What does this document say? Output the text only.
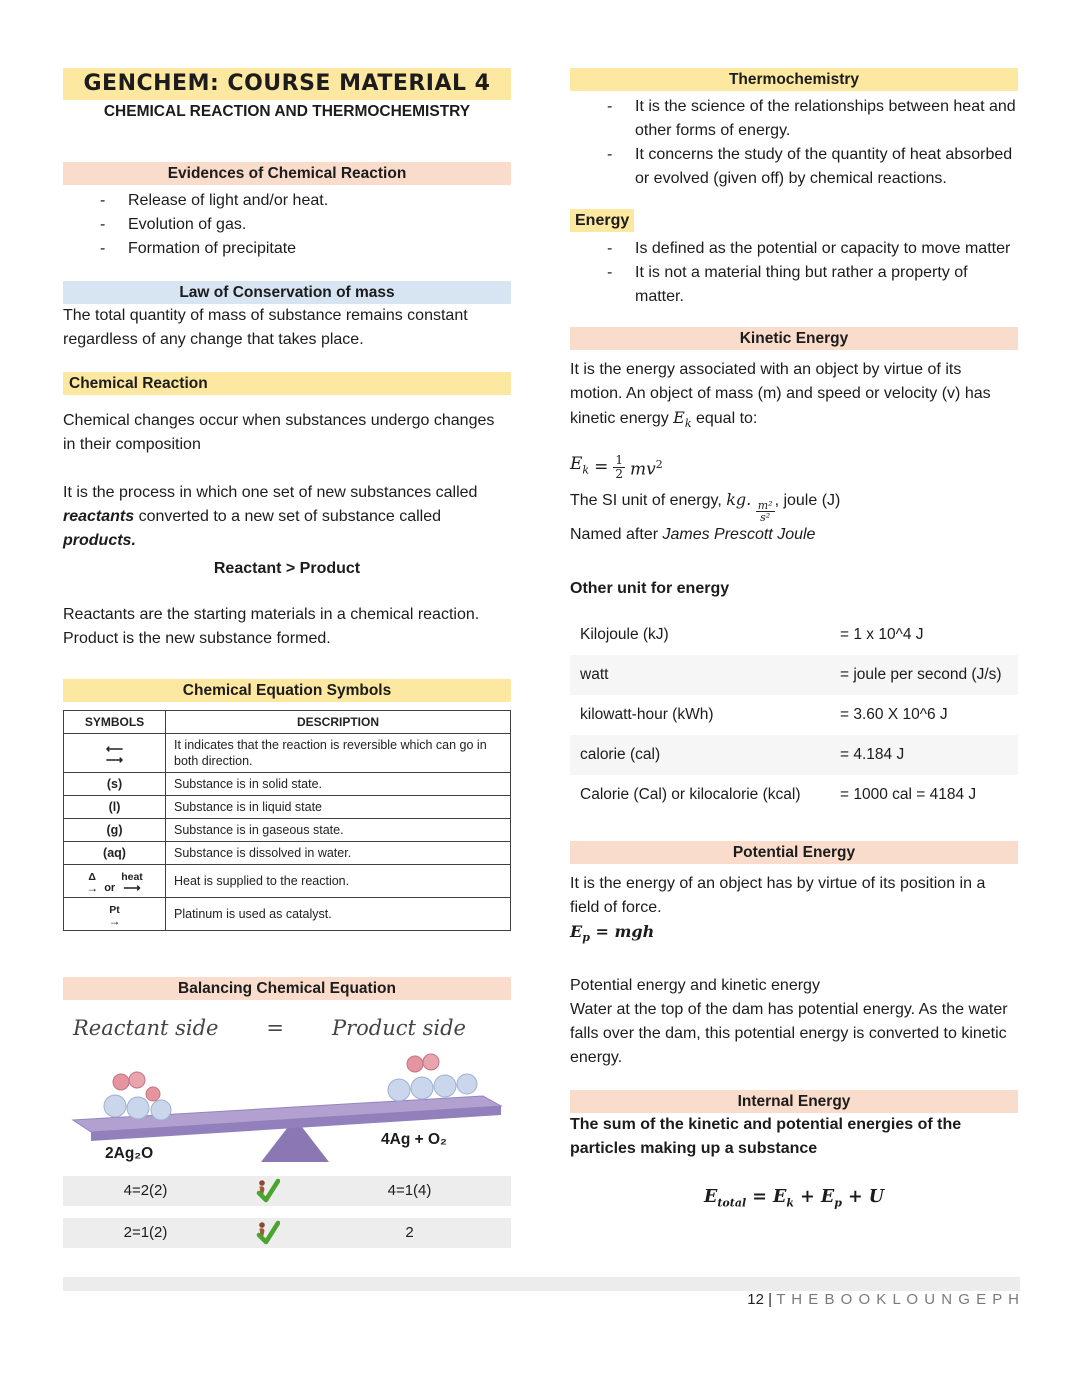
GENCHEM: COURSE MATERIAL 4
CHEMICAL REACTION AND THERMOCHEMISTRY
Evidences of Chemical Reaction
- Release of light and/or heat.
- Evolution of gas.
- Formation of precipitate
Law of Conservation of mass

The total quantity of mass of substance remains constant regardless of any change that takes place.

Chemical Reaction

Chemical changes occur when substances undergo changes in their composition

It is the process in which one set of new substances called reactants converted to a new set of substance called products.

Reactant > Product

Reactants are the starting materials in a chemical reaction.

Product is the new substance formed.

Chemical Equation Symbols
SYMBOLS	DESCRIPTION

⟵
⟶	It indicates that the reaction is reversible which can go in both direction.
(s)	Substance is in solid state.
(l)	Substance is in liquid state
(g)	Substance is in gaseous state.
(aq)	Substance is dissolved in water.

Δ
→ or
heat
⟶	Heat is supplied to the reaction.

Pt
→	Platinum is used as catalyst.
Balancing Chemical Equation
Reactant side = Product side
2Ag₂O
4Ag + O₂
4=2(2)	4=1(4)
2=1(2)	2
Thermochemistry
- It is the science of the relationships between heat and other forms of energy.
- It concerns the study of the quantity of heat absorbed or evolved (given off) by chemical reactions.
Energy
- Is defined as the potential or capacity to move matter
- It is not a material thing but rather a property of matter.
Kinetic Energy

It is the energy associated with an object by virtue of its motion. An object of mass (m) and speed or velocity (v) has kinetic energy $E_k$ equal to:

$E_k = \frac{1}{2} mv^2$

The SI unit of energy, kg.
$\frac{\text{m²}}{\text{s²}}$ , joule (J)

Named after James Prescott Joule

Other unit for energy

Kilojoule (kJ)	= 1 x 10^4 J
watt	= joule per second (J/s)
kilowatt-hour (kWh)	= 3.60 X 10^6 J
calorie (cal)	= 4.184 J
Calorie (Cal) or kilocalorie (kcal)	= 1000 cal = 4184 J
Potential Energy

It is the energy of an object has by virtue of its position in a field of force.

$E_p$ = mgh

Potential energy and kinetic energy

Water at the top of the dam has potential energy. As the water falls over the dam, this potential energy is converted to kinetic energy.

Internal Energy

The sum of the kinetic and potential energies of the particles making up a substance

$E_{total} = E_k + E_p + U$
12 | T H E B O O K L O U N G E P H
